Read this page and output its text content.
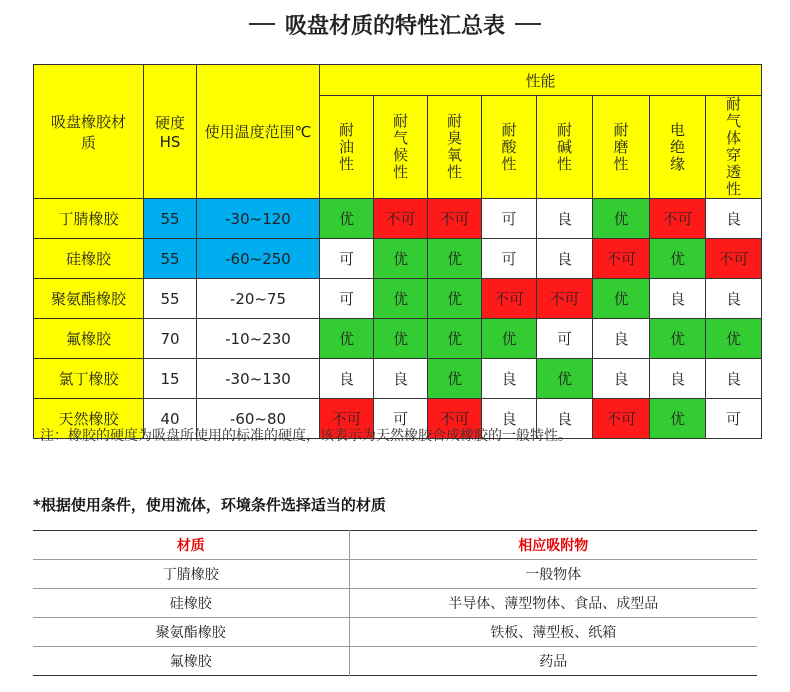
吸盘材质的特性汇总表
吸盘橡胶材质	硬度HS	使用温度范围℃	性能							
			耐油性	耐气候性	耐臭氧性	耐酸性	耐碱性	耐磨性	电绝缘	耐气体穿透性
丁腈橡胶	55	-30~120	优	不可	不可	可	良	优	不可	良
硅橡胶	55	-60~250	可	优	优	可	良	不可	优	不可
聚氨酯橡胶	55	-20~75	可	优	优	不可	不可	优	良	良
氟橡胶	70	-10~230	优	优	优	优	可	良	优	优
氯丁橡胶	15	-30~130	良	良	优	良	优	良	良	良
天然橡胶	40	-60~80	不可	可	不可	良	良	不可	优	可
注：橡胶的硬度为吸盘所使用的标准的硬度，该表示为天然橡胶合成橡胶的一般特性。
*根据使用条件，使用流体，环境条件选择适当的材质
材质	相应吸附物
丁腈橡胶	一般物体
硅橡胶	半导体、薄型物体、食品、成型品
聚氨酯橡胶	铁板、薄型板、纸箱
氟橡胶	药品
